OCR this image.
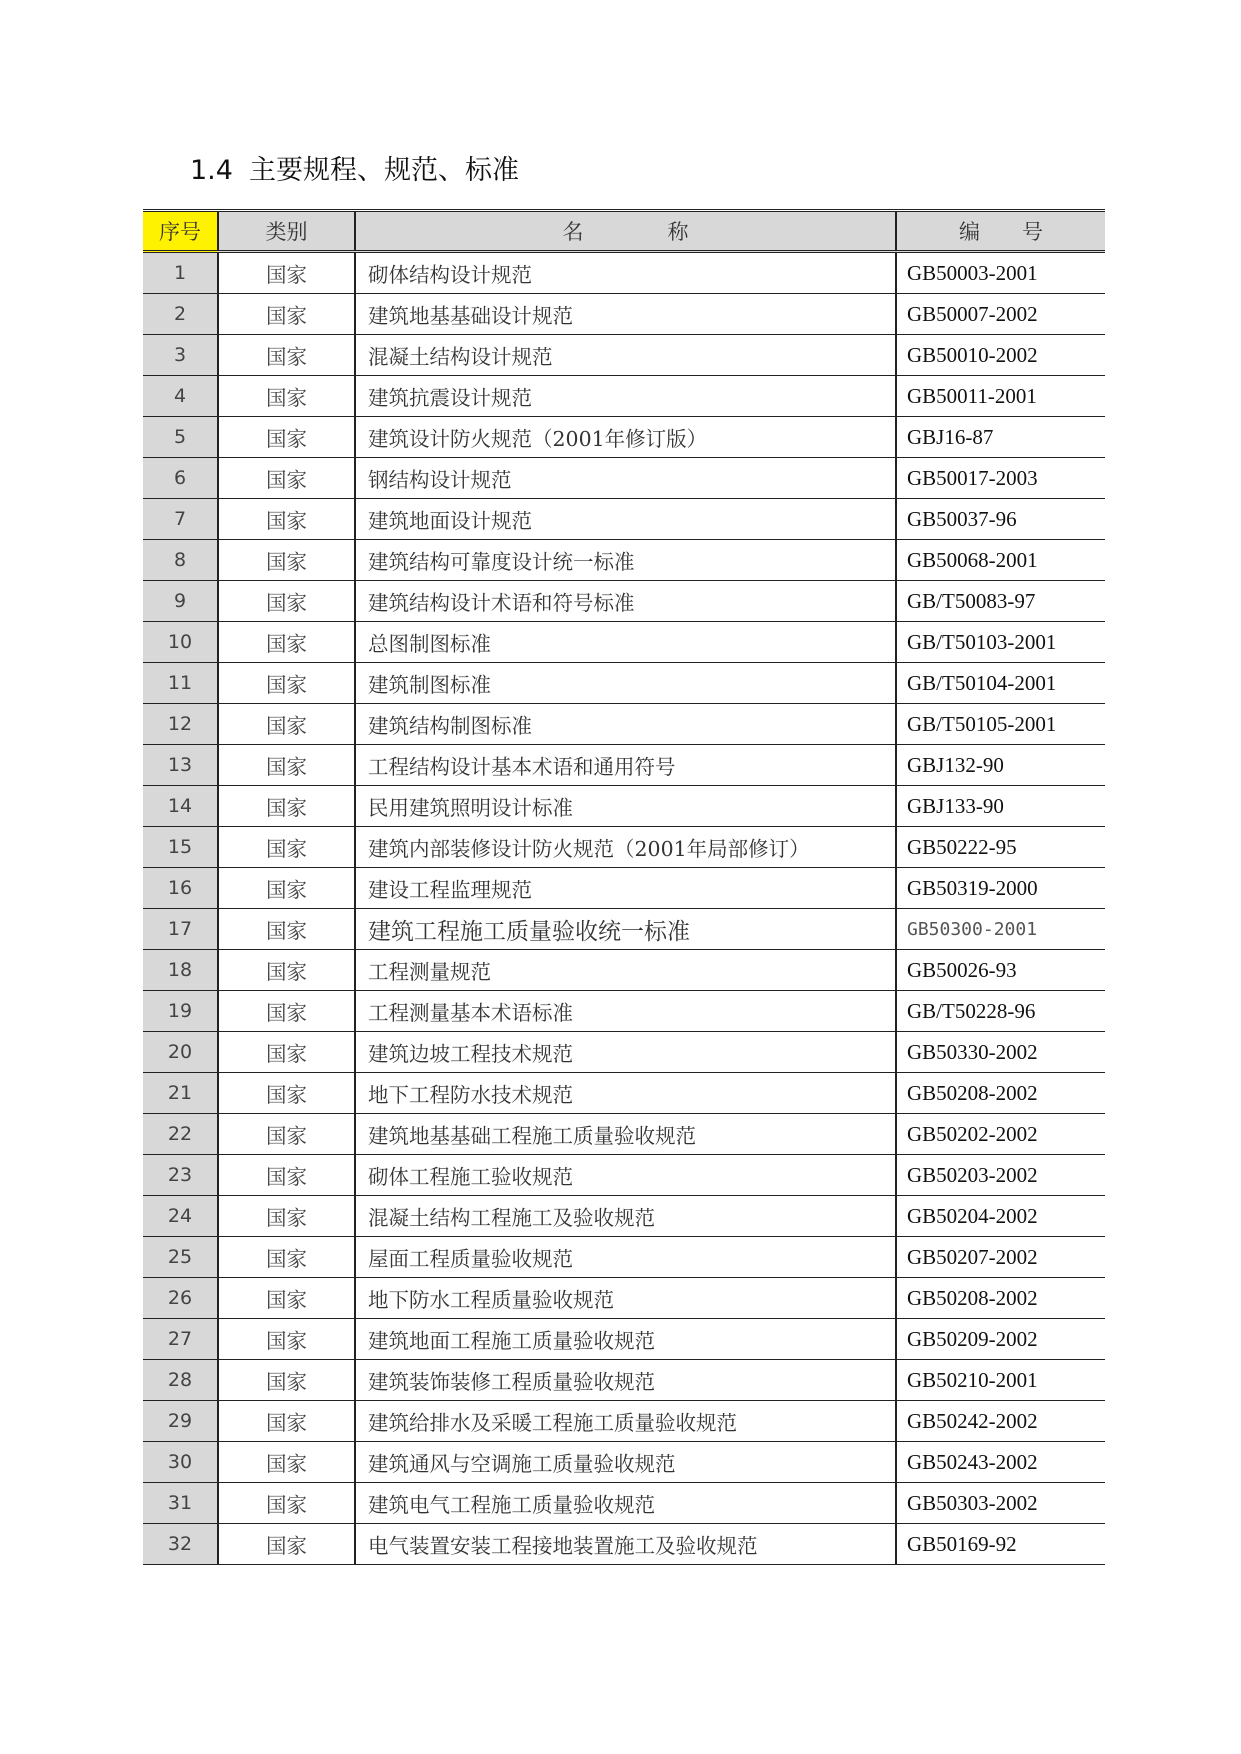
1.4 主要规程、规范、标准
序号	类别	名　　　　称	编　　号
1	国家	砌体结构设计规范	GB50003-2001
2	国家	建筑地基基础设计规范	GB50007-2002
3	国家	混凝土结构设计规范	GB50010-2002
4	国家	建筑抗震设计规范	GB50011-2001
5	国家	建筑设计防火规范（2001年修订版）	GBJ16-87
6	国家	钢结构设计规范	GB50017-2003
7	国家	建筑地面设计规范	GB50037-96
8	国家	建筑结构可靠度设计统一标准	GB50068-2001
9	国家	建筑结构设计术语和符号标准	GB/T50083-97
10	国家	总图制图标准	GB/T50103-2001
11	国家	建筑制图标准	GB/T50104-2001
12	国家	建筑结构制图标准	GB/T50105-2001
13	国家	工程结构设计基本术语和通用符号	GBJ132-90
14	国家	民用建筑照明设计标准	GBJ133-90
15	国家	建筑内部装修设计防火规范（2001年局部修订）	GB50222-95
16	国家	建设工程监理规范	GB50319-2000
17	国家	建筑工程施工质量验收统一标准	GB50300-2001
18	国家	工程测量规范	GB50026-93
19	国家	工程测量基本术语标准	GB/T50228-96
20	国家	建筑边坡工程技术规范	GB50330-2002
21	国家	地下工程防水技术规范	GB50208-2002
22	国家	建筑地基基础工程施工质量验收规范	GB50202-2002
23	国家	砌体工程施工验收规范	GB50203-2002
24	国家	混凝土结构工程施工及验收规范	GB50204-2002
25	国家	屋面工程质量验收规范	GB50207-2002
26	国家	地下防水工程质量验收规范	GB50208-2002
27	国家	建筑地面工程施工质量验收规范	GB50209-2002
28	国家	建筑装饰装修工程质量验收规范	GB50210-2001
29	国家	建筑给排水及采暖工程施工质量验收规范	GB50242-2002
30	国家	建筑通风与空调施工质量验收规范	GB50243-2002
31	国家	建筑电气工程施工质量验收规范	GB50303-2002
32	国家	电气装置安装工程接地装置施工及验收规范	GB50169-92
